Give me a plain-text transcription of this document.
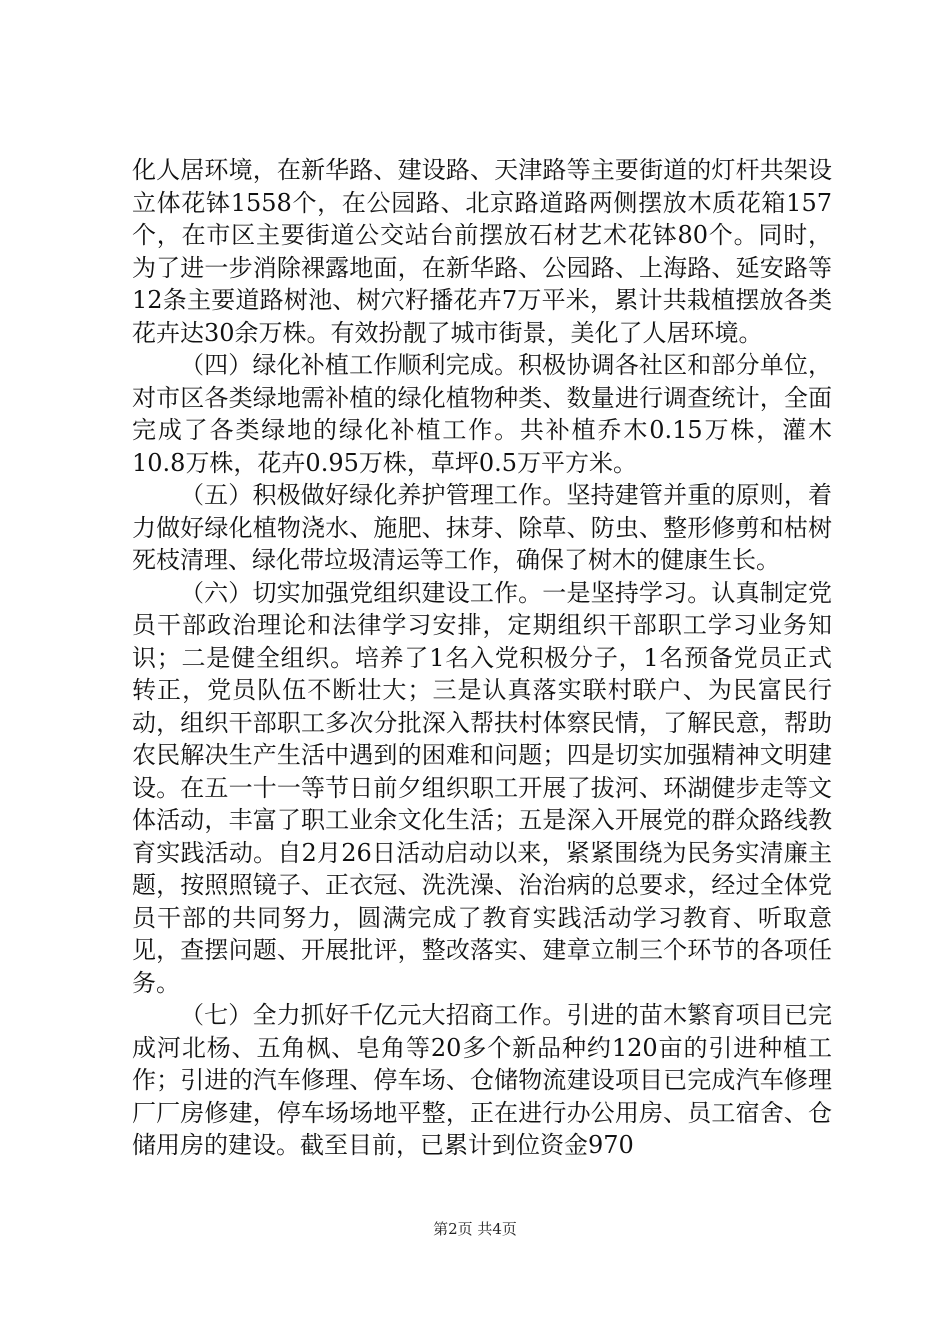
化人居环境，在新华路、建设路、天津路等主要街道的灯杆共架设立体花钵1558个，在公园路、北京路道路两侧摆放木质花箱157个，在市区主要街道公交站台前摆放石材艺术花钵80个。同时，为了进一步消除裸露地面，在新华路、公园路、上海路、延安路等12条主要道路树池、树穴籽播花卉7万平米，累计共栽植摆放各类花卉达30余万株。有效扮靓了城市街景，美化了人居环境。

（四）绿化补植工作顺利完成。积极协调各社区和部分单位，对市区各类绿地需补植的绿化植物种类、数量进行调查统计，全面完成了各类绿地的绿化补植工作。共补植乔木0.15万株，灌木10.8万株，花卉0.95万株，草坪0.5万平方米。

（五）积极做好绿化养护管理工作。坚持建管并重的原则，着力做好绿化植物浇水、施肥、抹芽、除草、防虫、整形修剪和枯树死枝清理、绿化带垃圾清运等工作，确保了树木的健康生长。

（六）切实加强党组织建设工作。一是坚持学习。认真制定党员干部政治理论和法律学习安排，定期组织干部职工学习业务知识；二是健全组织。培养了1名入党积极分子，1名预备党员正式转正，党员队伍不断壮大；三是认真落实联村联户、为民富民行动，组织干部职工多次分批深入帮扶村体察民情，了解民意，帮助农民解决生产生活中遇到的困难和问题；四是切实加强精神文明建设。在五一十一等节日前夕组织职工开展了拔河、环湖健步走等文体活动，丰富了职工业余文化生活；五是深入开展党的群众路线教育实践活动。自2月26日活动启动以来，紧紧围绕为民务实清廉主题，按照照镜子、正衣冠、洗洗澡、治治病的总要求，经过全体党员干部的共同努力，圆满完成了教育实践活动学习教育、听取意见，查摆问题、开展批评，整改落实、建章立制三个环节的各项任务。

（七）全力抓好千亿元大招商工作。引进的苗木繁育项目已完成河北杨、五角枫、皂角等20多个新品种约120亩的引进种植工作；引进的汽车修理、停车场、仓储物流建设项目已完成汽车修理厂厂房修建，停车场场地平整，正在进行办公用房、员工宿舍、仓储用房的建设。截至目前，已累计到位资金970

第2页 共4页
